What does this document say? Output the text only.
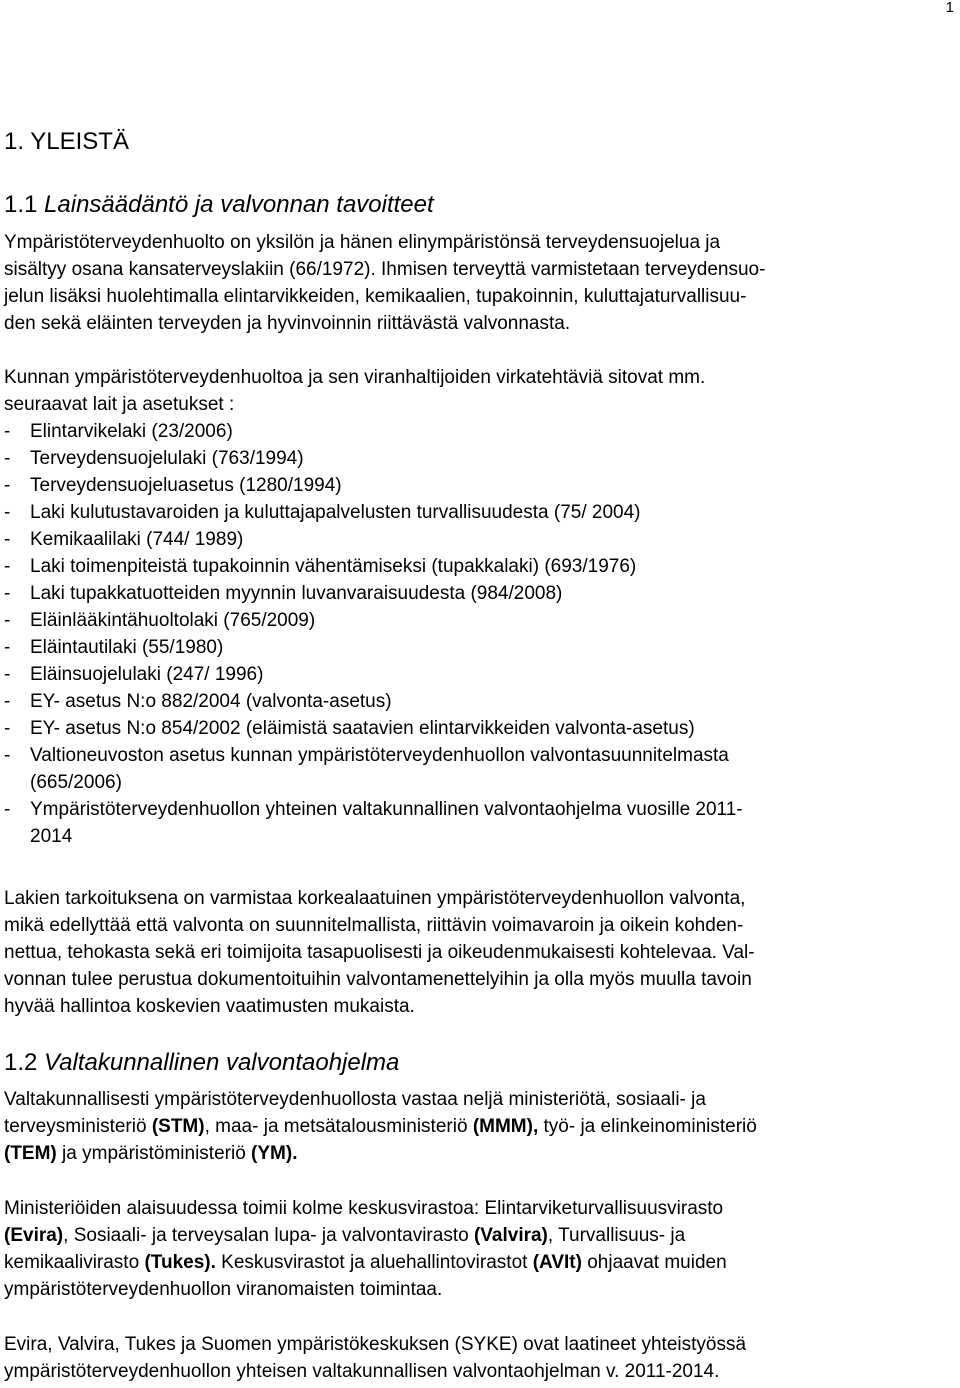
1
1. YLEISTÄ
1.1 Lainsäädäntö ja valvonnan tavoitteet
Ympäristöterveydenhuolto on yksilön ja hänen elinympäristönsä terveydensuojelua ja
sisältyy osana kansaterveyslakiin (66/1972). Ihmisen terveyttä varmistetaan terveydensuo-
jelun lisäksi huolehtimalla elintarvikkeiden, kemikaalien, tupakoinnin, kuluttajaturvallisuu-
den sekä eläinten terveyden ja hyvinvoinnin riittävästä valvonnasta.
Kunnan ympäristöterveydenhuoltoa ja sen viranhaltijoiden virkatehtäviä sitovat mm.
seuraavat lait ja asetukset :
- Elintarvikelaki (23/2006)
- Terveydensuojelulaki (763/1994)
- Terveydensuojeluasetus (1280/1994)
- Laki kulutustavaroiden ja kuluttajapalvelusten turvallisuudesta (75/ 2004)
- Kemikaalilaki (744/ 1989)
- Laki toimenpiteistä tupakoinnin vähentämiseksi (tupakkalaki) (693/1976)
- Laki tupakkatuotteiden myynnin luvanvaraisuudesta (984/2008)
- Eläinlääkintähuoltolaki (765/2009)
- Eläintautilaki (55/1980)
- Eläinsuojelulaki (247/ 1996)
- EY- asetus N:o 882/2004 (valvonta-asetus)
- EY- asetus N:o 854/2002 (eläimistä saatavien elintarvikkeiden valvonta-asetus)
- Valtioneuvoston asetus kunnan ympäristöterveydenhuollon valvontasuunnitelmasta
(665/2006)
- Ympäristöterveydenhuollon yhteinen valtakunnallinen valvontaohjelma vuosille 2011-
2014
Lakien tarkoituksena on varmistaa korkealaatuinen ympäristöterveydenhuollon valvonta,
mikä edellyttää että valvonta on suunnitelmallista, riittävin voimavaroin ja oikein kohden-
nettua, tehokasta sekä eri toimijoita tasapuolisesti ja oikeudenmukaisesti kohtelevaa. Val-
vonnan tulee perustua dokumentoituihin valvontamenettelyihin ja olla myös muulla tavoin
hyvää hallintoa koskevien vaatimusten mukaista.
1.2 Valtakunnallinen valvontaohjelma
Valtakunnallisesti ympäristöterveydenhuollosta vastaa neljä ministeriötä, sosiaali- ja
terveysministeriö (STM), maa- ja metsätalousministeriö (MMM), työ- ja elinkeinoministeriö
(TEM) ja ympäristöministeriö (YM).
Ministeriöiden alaisuudessa toimii kolme keskusvirastoa: Elintarviketurvallisuusvirasto
(Evira), Sosiaali- ja terveysalan lupa- ja valvontavirasto (Valvira), Turvallisuus- ja
kemikaalivirasto (Tukes). Keskusvirastot ja aluehallintovirastot (AVIt) ohjaavat muiden
ympäristöterveydenhuollon viranomaisten toimintaa.
Evira, Valvira, Tukes ja Suomen ympäristökeskuksen (SYKE) ovat laatineet yhteistyössä
ympäristöterveydenhuollon yhteisen valtakunnallisen valvontaohjelman v. 2011-2014.
